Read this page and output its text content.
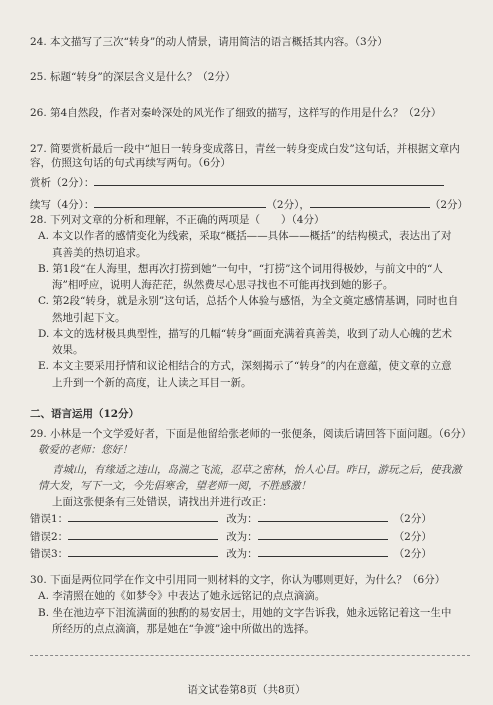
24. 本文描写了三次“转身”的动人情景，请用简洁的语言概括其内容。（3分）
25. 标题“转身”的深层含义是什么？（2分）
26. 第4自然段，作者对秦岭深处的风光作了细致的描写，这样写的作用是什么？（2分）
27. 简要赏析最后一段中“旭日一转身变成落日，青丝一转身变成白发”这句话，并根据文章内
容，仿照这句话的句式再续写两句。（6分）
赏析（2分）：
续写（4分）：	（2分），	（2分）
28. 下列对文章的分析和理解，不正确的两项是（　　）（4分）
A. 本文以作者的感情变化为线索，采取“概括——具体——概括”的结构模式，表达出了对
真善美的热切追求。
B. 第1段“在人海里，想再次打捞到她”一句中，“打捞”这个词用得极妙，与前文中的“人
海”相呼应，说明人海茫茫，纵然费尽心思寻找也不可能再找到她的影子。
C. 第2段“转身，就是永别”这句话，总括个人体验与感悟，为全文奠定感情基调，同时也自
然地引起下文。
D. 本文的选材极具典型性，描写的几幅“转身”画面充满着真善美，收到了动人心魄的艺术
效果。
E. 本文主要采用抒情和议论相结合的方式，深刻揭示了“转身”的内在意蕴，使文章的立意
上升到一个新的高度，让人读之耳目一新。
二、语言运用（12分）
29. 小林是一个文学爱好者，下面是他留给张老师的一张便条，阅读后请回答下面问题。（6分）
敬爱的老师：您好！
青城山，有缘适之违山，岛湍之飞流，忍草之密林，怡人心目。昨日，游玩之后，使我激
情大发，写下一文，今先倡寒舍，望老师一阅，不胜感激！
上面这张便条有三处错误，请找出并进行改正：
错误1：	改为：	（2分）
错误2：	改为：	（2分）
错误3：	改为：	（2分）
30. 下面是两位同学在作文中引用同一则材料的文字，你认为哪则更好，为什么？（6分）
A. 李清照在她的《如梦令》中表达了她永远铭记的点点滴滴。
B. 坐在池边亭下泪流满面的独酌的易安居士，用她的文字告诉我，她永远铭记着这一生中
所经历的点点滴滴，那是她在“争渡”途中所做出的选择。
语文试卷第8页（共8页）
